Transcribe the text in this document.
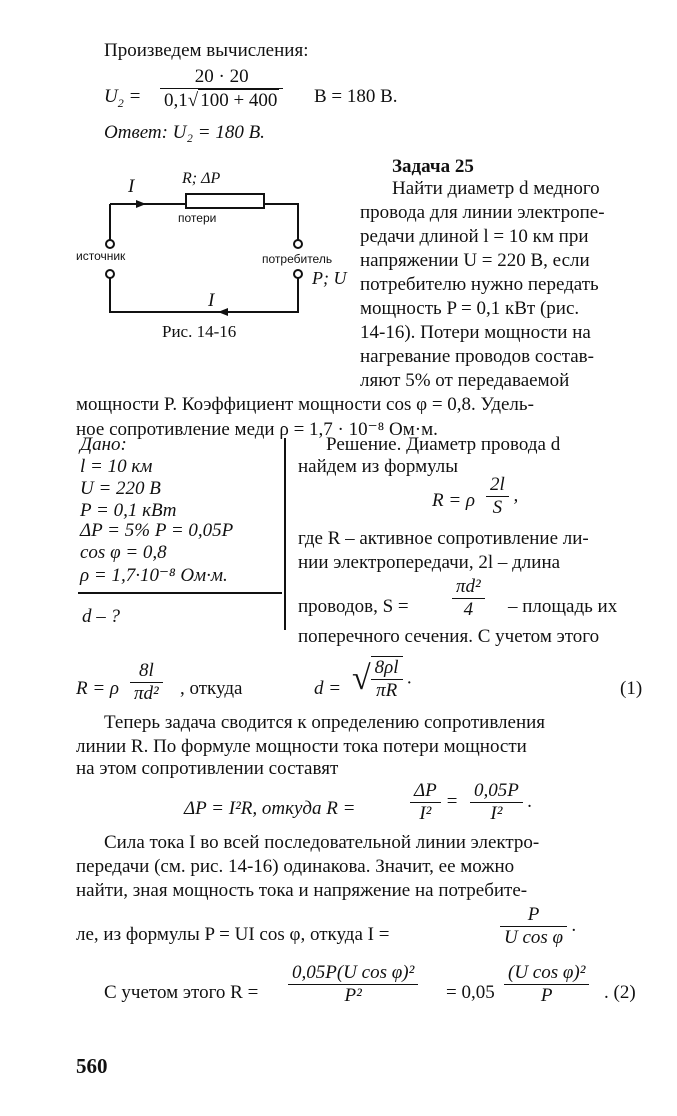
Произведем вычисления:
$U_2 = \frac{20 \cdot 20}{0,1√ 100 + 400}$ В = 180 В.
Ответ: U₂ = 180 В.
Задача 25
Найти диаметр d медного
провода для линии электропе-
редачи длиной l = 10 км при
напряжении U = 220 В, если
потребителю нужно передать
мощность P = 0,1 кВт (рис.
14-16). Потери мощности на
нагревание проводов состав-
ляют 5% от передаваемой
мощности P. Коэффициент мощности cos φ = 0,8. Удель-
ное сопротивление меди ρ = 1,7 · 10⁻⁸ Ом·м.
I	R; ΔP
потери
источник	потребитель
P; U
I
Рис. 14-16
Дано:
l = 10 км
U = 220 В
P = 0,1 кВт
ΔP = 5% P = 0,05P
cos φ = 0,8
ρ = 1,7·10⁻⁸ Ом·м.
d – ?
Решение. Диаметр провода d
найдем из формулы
R = ρ $\frac{2l}{S}$ ,
где R – активное сопротивление ли-
нии электропередачи, 2l – длина
проводов, $S = \frac{\text{πd²}}{4}$ – площадь их
поперечного сечения. С учетом этого
R = ρ $\frac{8l}{\text{πd²}}$ , откуда	d = √ $\frac{8\rho l}{\pi R}$ .
(1)
Теперь задача сводится к определению сопротивления
линии R. По формуле мощности тока потери мощности
на этом сопротивлении составят
ΔP = I²R, откуда R =	$\frac{\Delta P}{\text{I²}} = \frac{0,05P}{\text{I²}}$ .
Сила тока I во всей последовательной линии электро-
передачи (см. рис. 14-16) одинакова. Значит, ее можно
найти, зная мощность тока и напряжение на потребите-
ле, из формулы P = UI cos φ, откуда I =	$\frac{P}{\text{U cos φ}}$ .
С учетом этого $R = \frac{\text{0,05P(U cos φ)²}}{\text{P²}} = 0,05 \frac{\text{(U cos φ)²}}{P}$ . (2)
560
